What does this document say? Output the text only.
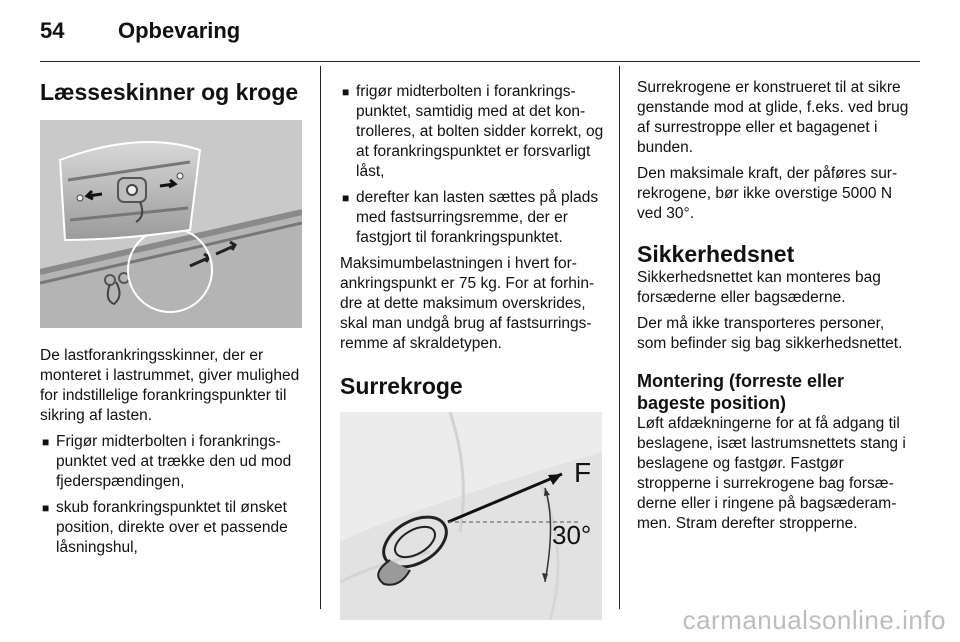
54 Opbevaring
Læsseskinner og kroge

De lastforankringsskinner, der er monteret i lastrummet, giver mulighed for indstillelige forankringspunkter til sikring af lasten.

■ Frigør midterbolten i forankringspunktet ved at trække den ud mod fjederspændingen,
■ skub forankringspunktet til ønsket position, direkte over et passende låsningshul,
■ frigør midterbolten i forankringspunktet, samtidig med at det kontrolleres, at bolten sidder korrekt, og at forankringspunktet er forsvarligt låst,
■ derefter kan lasten sættes på plads med fastsurringsremme, der er fastgjort til forankringspunktet.

Maksimumbelastningen i hvert forankringspunkt er 75 kg. For at forhindre at dette maksimum overskrides, skal man undgå brug af fastsurringsremme af skraldetypen.

Surrekroge
F
30°

Surrekrogene er konstrueret til at sikre genstande mod at glide, f.eks. ved brug af surrestroppe eller et bagagenet i bunden.

Den maksimale kraft, der påføres surrekrogene, bør ikke overstige 5000 N ved 30°.

Sikkerhedsnet

Sikkerhedsnettet kan monteres bag forsæderne eller bagsæderne.

Der må ikke transporteres personer, som befinder sig bag sikkerhedsnettet.

Montering (forreste eller bageste position)

Løft afdækningerne for at få adgang til beslagene, isæt lastrumsnettets stang i beslagene og fastgør. Fastgør stropperne i surrekrogene bag forsæderne eller i ringene på bagsæderammen. Stram derefter stropperne.

carmanualsonline.info
